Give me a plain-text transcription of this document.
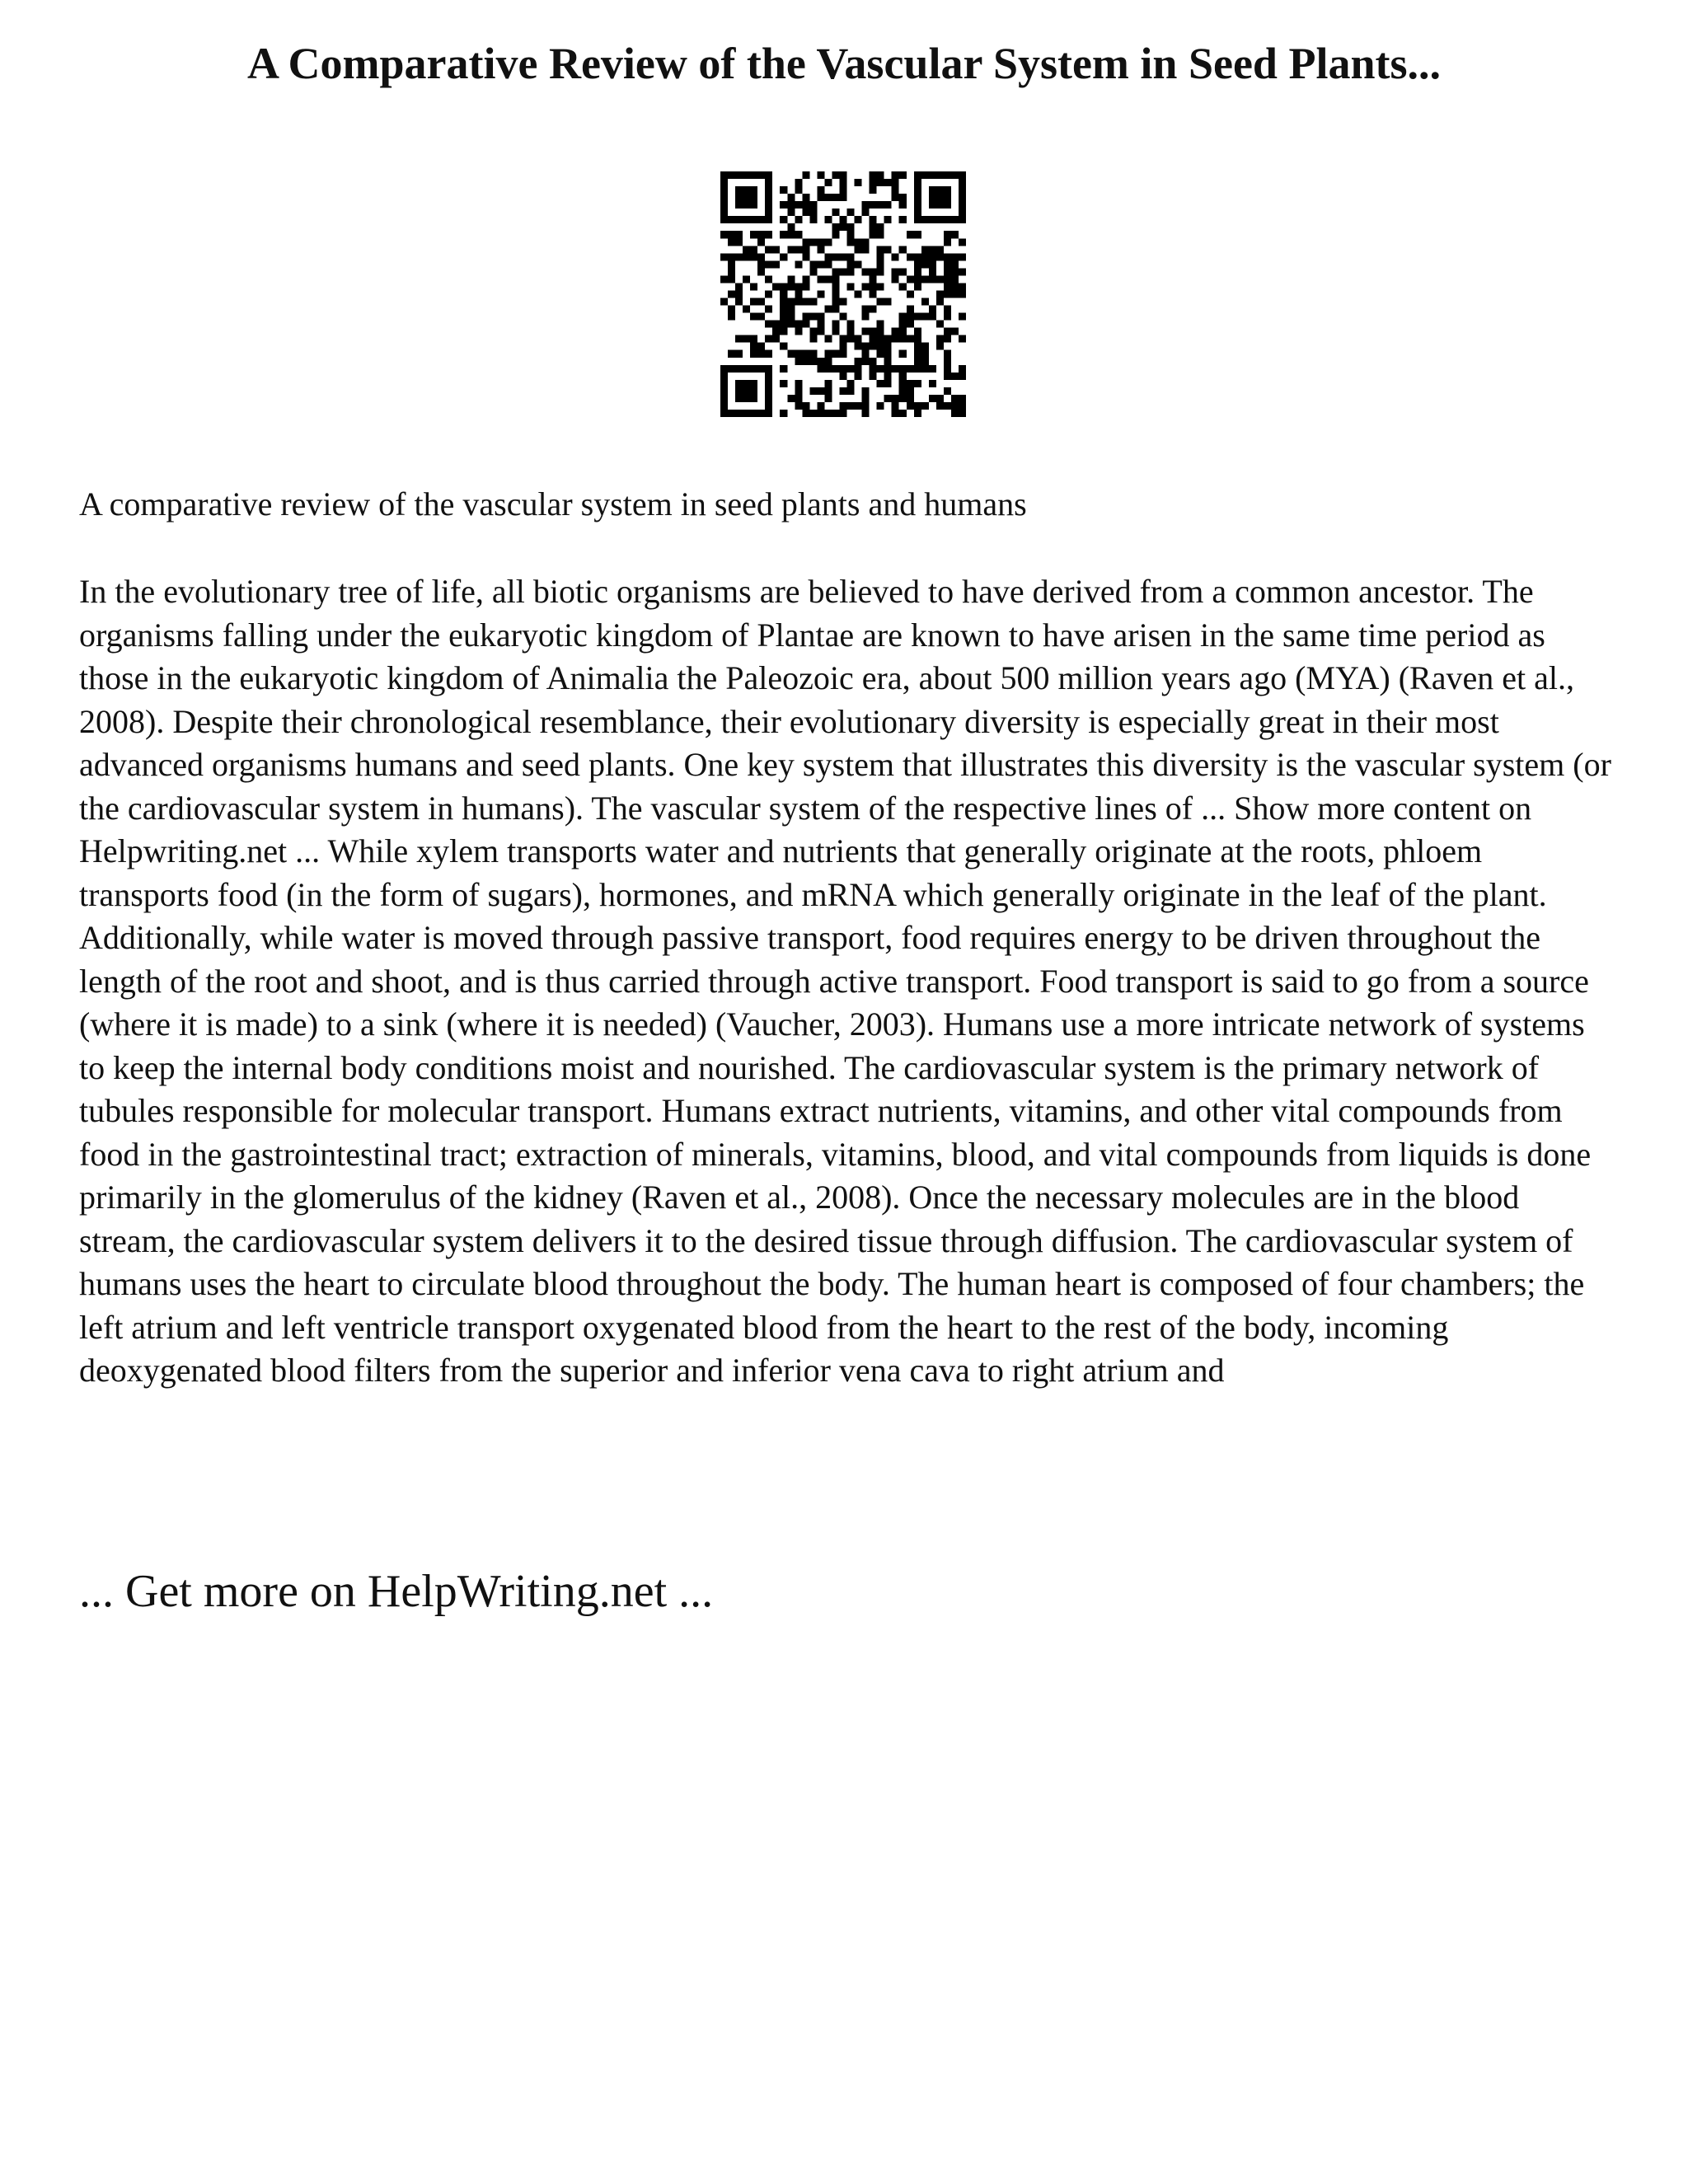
A Comparative Review of the Vascular System in Seed Plants...

A comparative review of the vascular system in seed plants and humans

In the evolutionary tree of life, all biotic organisms are believed to have derived from a common ancestor. The organisms falling under the eukaryotic kingdom of Plantae are known to have arisen in the same time period as those in the eukaryotic kingdom of Animalia the Paleozoic era, about 500 million years ago (MYA) (Raven et al., 2008). Despite their chronological resemblance, their evolutionary diversity is especially great in their most advanced organisms humans and seed plants. One key system that illustrates this diversity is the vascular system (or the cardiovascular system in humans). The vascular system of the respective lines of ... Show more content on Helpwriting.net ... While xylem transports water and nutrients that generally originate at the roots, phloem transports food (in the form of sugars), hormones, and mRNA which generally originate in the leaf of the plant. Additionally, while water is moved through passive transport, food requires energy to be driven throughout the length of the root and shoot, and is thus carried through active transport. Food transport is said to go from a source (where it is made) to a sink (where it is needed) (Vaucher, 2003). Humans use a more intricate network of systems to keep the internal body conditions moist and nourished. The cardiovascular system is the primary network of tubules responsible for molecular transport. Humans extract nutrients, vitamins, and other vital compounds from food in the gastrointestinal tract; extraction of minerals, vitamins, blood, and vital compounds from liquids is done primarily in the glomerulus of the kidney (Raven et al., 2008). Once the necessary molecules are in the blood stream, the cardiovascular system delivers it to the desired tissue through diffusion. The cardiovascular system of humans uses the heart to circulate blood throughout the body. The human heart is composed of four chambers; the left atrium and left ventricle transport oxygenated blood from the heart to the rest of the body, incoming deoxygenated blood filters from the superior and inferior vena cava to right atrium and

... Get more on HelpWriting.net ...
